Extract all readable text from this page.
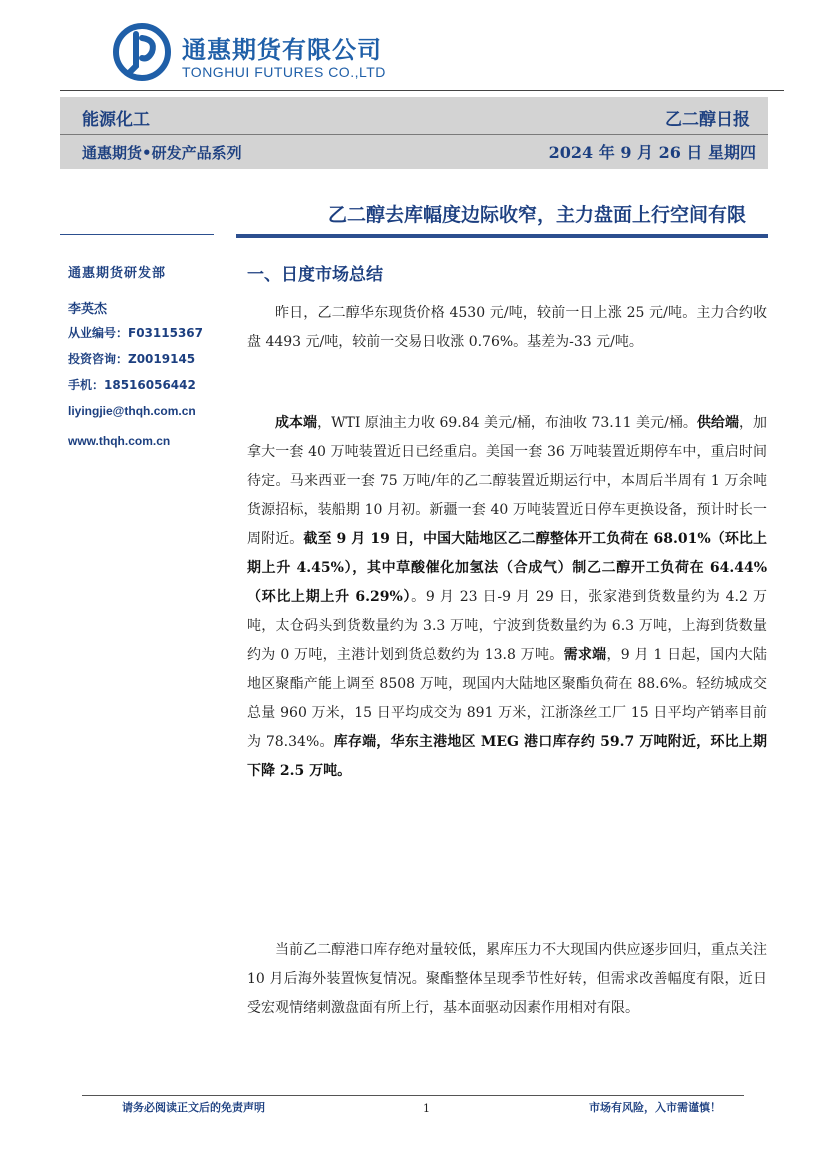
通惠期货有限公司
TONGHUI FUTURES CO.,LTD
能源化工	乙二醇日报
通惠期货•研发产品系列	2024 年 9 月 26 日 星期四
乙二醇去库幅度边际收窄，主力盘面上行空间有限
通惠期货研发部
李英杰
从业编号：F03115367
投资咨询：Z0019145
手机：18516056442
liyingjie@thqh.com.cn
www.thqh.com.cn
一、日度市场总结
昨日，乙二醇华东现货价格 4530 元/吨，较前一日上涨 25 元/吨。主力合约收盘 4493 元/吨，较前一交易日收涨 0.76%。基差为-33 元/吨。
成本端，WTI 原油主力收 69.84 美元/桶，布油收 73.11 美元/桶。供给端，加拿大一套 40 万吨装置近日已经重启。美国一套 36 万吨装置近期停车中，重启时间待定。马来西亚一套 75 万吨/年的乙二醇装置近期运行中，本周后半周有 1 万余吨货源招标，装船期 10 月初。新疆一套 40 万吨装置近日停车更换设备，预计时长一周附近。截至 9 月 19 日，中国大陆地区乙二醇整体开工负荷在 68.01%（环比上期上升 4.45%），其中草酸催化加氢法（合成气）制乙二醇开工负荷在 64.44%（环比上期上升 6.29%）。9 月 23 日-9 月 29 日，张家港到货数量约为 4.2 万吨，太仓码头到货数量约为 3.3 万吨，宁波到货数量约为 6.3 万吨，上海到货数量约为 0 万吨，主港计划到货总数约为 13.8 万吨。需求端，9 月 1 日起，国内大陆地区聚酯产能上调至 8508 万吨，现国内大陆地区聚酯负荷在 88.6%。轻纺城成交总量 960 万米，15 日平均成交为 891 万米，江浙涤丝工厂 15 日平均产销率目前为 78.34%。库存端，华东主港地区 MEG 港口库存约 59.7 万吨附近，环比上期下降 2.5 万吨。
当前乙二醇港口库存绝对量较低，累库压力不大现国内供应逐步回归，重点关注 10 月后海外装置恢复情况。聚酯整体呈现季节性好转，但需求改善幅度有限，近日受宏观情绪刺激盘面有所上行，基本面驱动因素作用相对有限。
请务必阅读正文后的免责声明	1	市场有风险，入市需谨慎！
